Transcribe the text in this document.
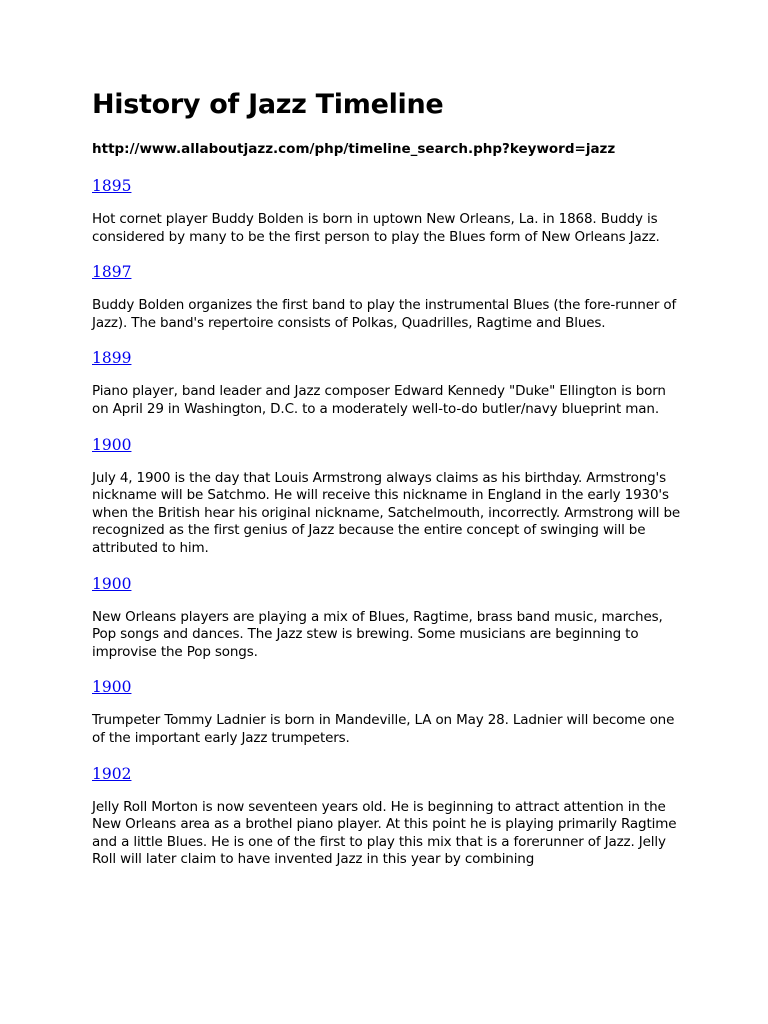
History of Jazz Timeline
http://www.allaboutjazz.com/php/timeline_search.php?keyword=jazz
1895

Hot cornet player Buddy Bolden is born in uptown New Orleans, La. in 1868. Buddy is considered by many to be the first person to play the Blues form of New Orleans Jazz.

1897

Buddy Bolden organizes the first band to play the instrumental Blues (the fore-runner of Jazz). The band's repertoire consists of Polkas, Quadrilles, Ragtime and Blues.

1899

Piano player, band leader and Jazz composer Edward Kennedy "Duke" Ellington is born on April 29 in Washington, D.C. to a moderately well-to-do butler/navy blueprint man.

1900

July 4, 1900 is the day that Louis Armstrong always claims as his birthday. Armstrong's nickname will be Satchmo. He will receive this nickname in England in the early 1930's when the British hear his original nickname, Satchelmouth, incorrectly. Armstrong will be recognized as the first genius of Jazz because the entire concept of swinging will be attributed to him.

1900

New Orleans players are playing a mix of Blues, Ragtime, brass band music, marches, Pop songs and dances. The Jazz stew is brewing. Some musicians are beginning to improvise the Pop songs.

1900

Trumpeter Tommy Ladnier is born in Mandeville, LA on May 28. Ladnier will become one of the important early Jazz trumpeters.

1902

Jelly Roll Morton is now seventeen years old. He is beginning to attract attention in the New Orleans area as a brothel piano player. At this point he is playing primarily Ragtime and a little Blues. He is one of the first to play this mix that is a forerunner of Jazz. Jelly Roll will later claim to have invented Jazz in this year by combining
